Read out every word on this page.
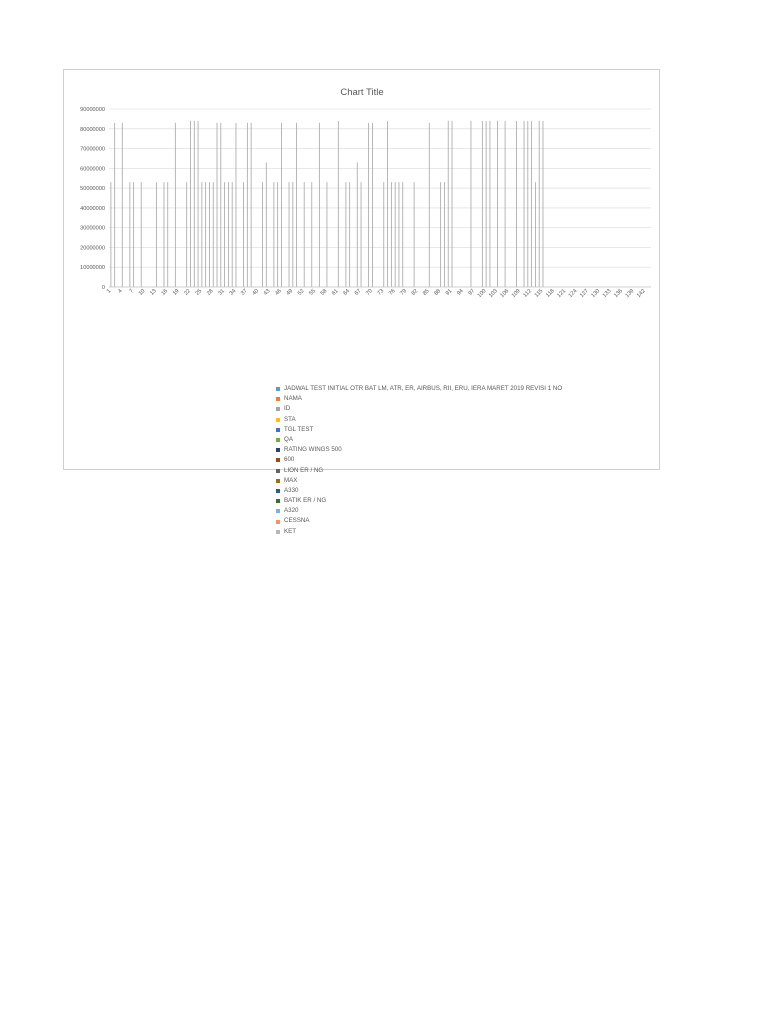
Chart Title
0
10000000
20000000
30000000
40000000
50000000
60000000
70000000
80000000
90000000
1 4 7 10 13 16 19 22 25 28 31 34 37 40 43 46 49 52 55 58 61 64 67 70 73 76 79 82 85 88 91 94 97 100 103 106 109 112 115 118 121 124 127 130 133 136 139 142
JADWAL TEST INITIAL OTR BAT LM, ATR, ER, AIRBUS, RII, ERU, IERA MARET 2019 REVISI 1 NO
NAMA
ID
STA
TGL TEST
QA
RATING WINGS 500
600
LION ER / NG
MAX
A330
BATIK ER / NG
A320
CESSNA
KET
